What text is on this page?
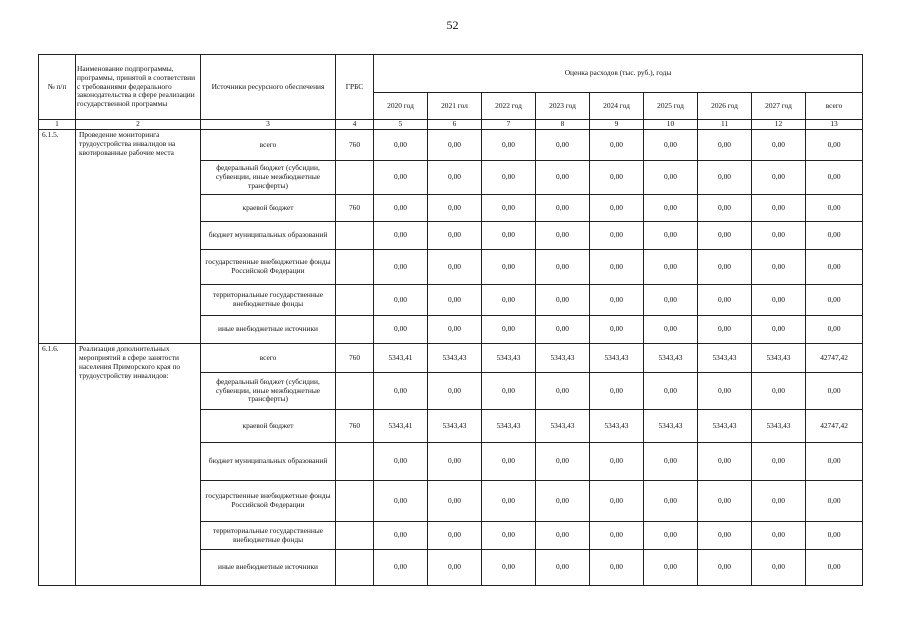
52
№ п/п	Наименование подпрограммы, программы, принятой в соответствии с требованиями федерального законодательства в сфере реализации государственной программы	Источники ресурсного обеспечения	ГРБС	Оценка расходов (тыс. руб.), годы								
				2020 год	2021 гол	2022 год	2023 год	2024 год	2025 год	2026 год	2027 год	всего
1	2	3	4	5	6	7	8	9	10	11	12	13
6.1.5.	Проведение мониторинга трудоустройства инвалидов на квотированные рабочие места	всего	760	0,00	0,00	0,00	0,00	0,00	0,00	0,00	0,00	0,00
		федеральный бюджет (субсидии, субвенции, иные межбюджетные трансферты)		0,00	0,00	0,00	0,00	0,00	0,00	0,00	0,00	0,00
		краевой бюджет	760	0,00	0,00	0,00	0,00	0,00	0,00	0,00	0,00	0,00
		бюджет муниципальных образований		0,00	0,00	0,00	0,00	0,00	0,00	0,00	0,00	0,00
		государственные внебюджетные фонды Российской Федерации		0,00	0,00	0,00	0,00	0,00	0,00	0,00	0,00	0,00
		территориальные государственные внебюджетные фонды		0,00	0,00	0,00	0,00	0,00	0,00	0,00	0,00	0,00
		иные внебюджетные источники		0,00	0,00	0,00	0,00	0,00	0,00	0,00	0,00	0,00
6.1.6.	Реализация дополнительных мероприятий в сфере занятости населения Приморского края по трудоустройству инвалидов:	всего	760	5343,41	5343,43	5343,43	5343,43	5343,43	5343,43	5343,43	5343,43	42747,42
		федеральный бюджет (субсидии, субвенции, иные межбюджетные трансферты)		0,00	0,00	0,00	0,00	0,00	0,00	0,00	0,00	0,00
		краевой бюджет	760	5343,41	5343,43	5343,43	5343,43	5343,43	5343,43	5343,43	5343,43	42747,42
		бюджет муниципальных образований		0,00	0,00	0,00	0,00	0,00	0,00	0,00	0,00	0,00
		государственные внебюджетные фонды Российской Федерации		0,00	0,00	0,00	0,00	0,00	0,00	0,00	0,00	0,00
		территориальные государственные внебюджетные фонды		0,00	0,00	0,00	0,00	0,00	0,00	0,00	0,00	0,00
		иные внебюджетные источники		0,00	0,00	0,00	0,00	0,00	0,00	0,00	0,00	0,00
